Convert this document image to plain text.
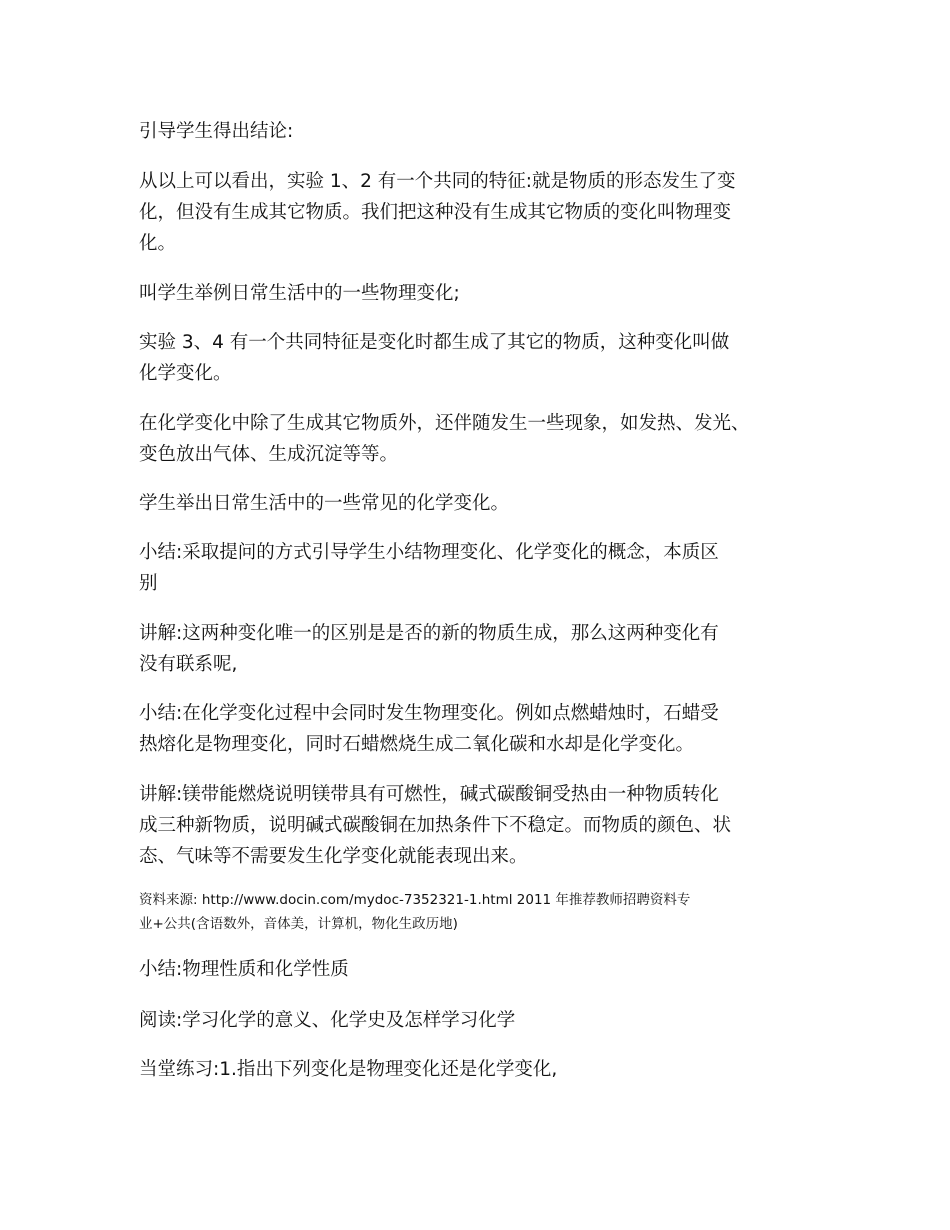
引导学生得出结论:

从以上可以看出，实验 1、2 有一个共同的特征:就是物质的形态发生了变
化，但没有生成其它物质。我们把这种没有生成其它物质的变化叫物理变
化。

叫学生举例日常生活中的一些物理变化;

实验 3、4 有一个共同特征是变化时都生成了其它的物质，这种变化叫做
化学变化。

在化学变化中除了生成其它物质外，还伴随发生一些现象，如发热、发光、
变色放出气体、生成沉淀等等。

学生举出日常生活中的一些常见的化学变化。

小结:采取提问的方式引导学生小结物理变化、化学变化的概念，本质区
别

讲解:这两种变化唯一的区别是是否的新的物质生成，那么这两种变化有
没有联系呢,

小结:在化学变化过程中会同时发生物理变化。例如点燃蜡烛时，石蜡受
热熔化是物理变化，同时石蜡燃烧生成二氧化碳和水却是化学变化。

讲解:镁带能燃烧说明镁带具有可燃性，碱式碳酸铜受热由一种物质转化
成三种新物质，说明碱式碳酸铜在加热条件下不稳定。而物质的颜色、状
态、气味等不需要发生化学变化就能表现出来。

资料来源: http://www.docin.com/mydoc-7352321-1.html 2011 年推荐教师招聘资料专
业+公共(含语数外，音体美，计算机，物化生政历地)

小结:物理性质和化学性质

阅读:学习化学的意义、化学史及怎样学习化学

当堂练习:1.指出下列变化是物理变化还是化学变化,
